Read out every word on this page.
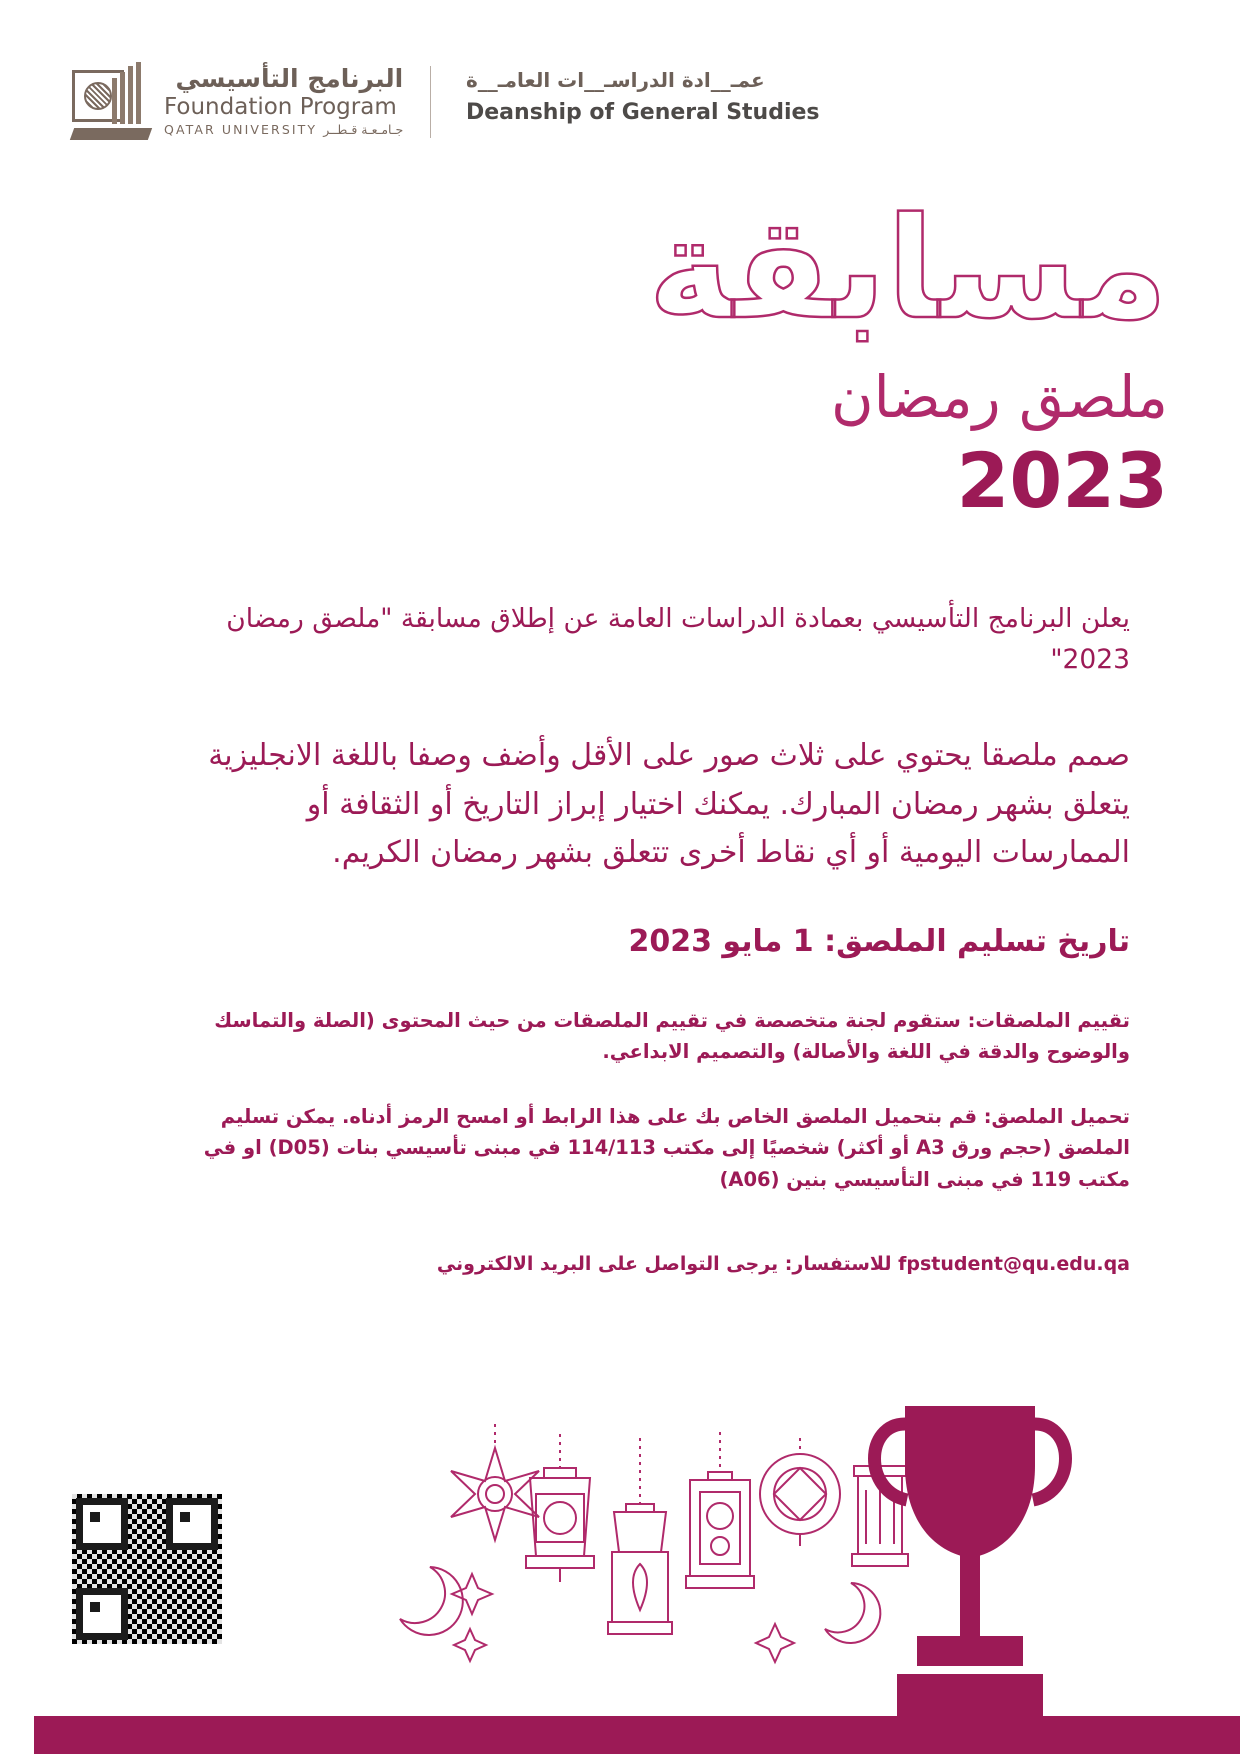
البرنامج التأسيسي
Foundation Program
QATAR UNIVERSITY جـامـعـة قـطــر
عمـ__ادة الدراسـ__ات العامـ__ة
Deanship of General Studies
مسابقة
ملصق رمضان
2023
يعلن البرنامج التأسيسي بعمادة الدراسات العامة عن إطلاق مسابقة "ملصق رمضان 2023"
صمم ملصقا يحتوي على ثلاث صور على الأقل وأضف وصفا باللغة الانجليزية يتعلق بشهر رمضان المبارك. يمكنك اختيار إبراز التاريخ أو الثقافة أو الممارسات اليومية أو أي نقاط أخرى تتعلق بشهر رمضان الكريم.
تاريخ تسليم الملصق: 1 مايو 2023
تقييم الملصقات: ستقوم لجنة متخصصة في تقييم الملصقات من حيث المحتوى (الصلة والتماسك والوضوح والدقة في اللغة والأصالة) والتصميم الابداعي.
تحميل الملصق: قم بتحميل الملصق الخاص بك على هذا الرابط أو امسح الرمز أدناه. يمكن تسليم الملصق (حجم ورق A3 أو أكثر) شخصيًا إلى مكتب 114/113 في مبنى تأسيسي بنات (D05) او في مكتب 119 في مبنى التأسيسي بنين (A06)
fpstudent@qu.edu.qa للاستفسار: يرجى التواصل على البريد الالكتروني
